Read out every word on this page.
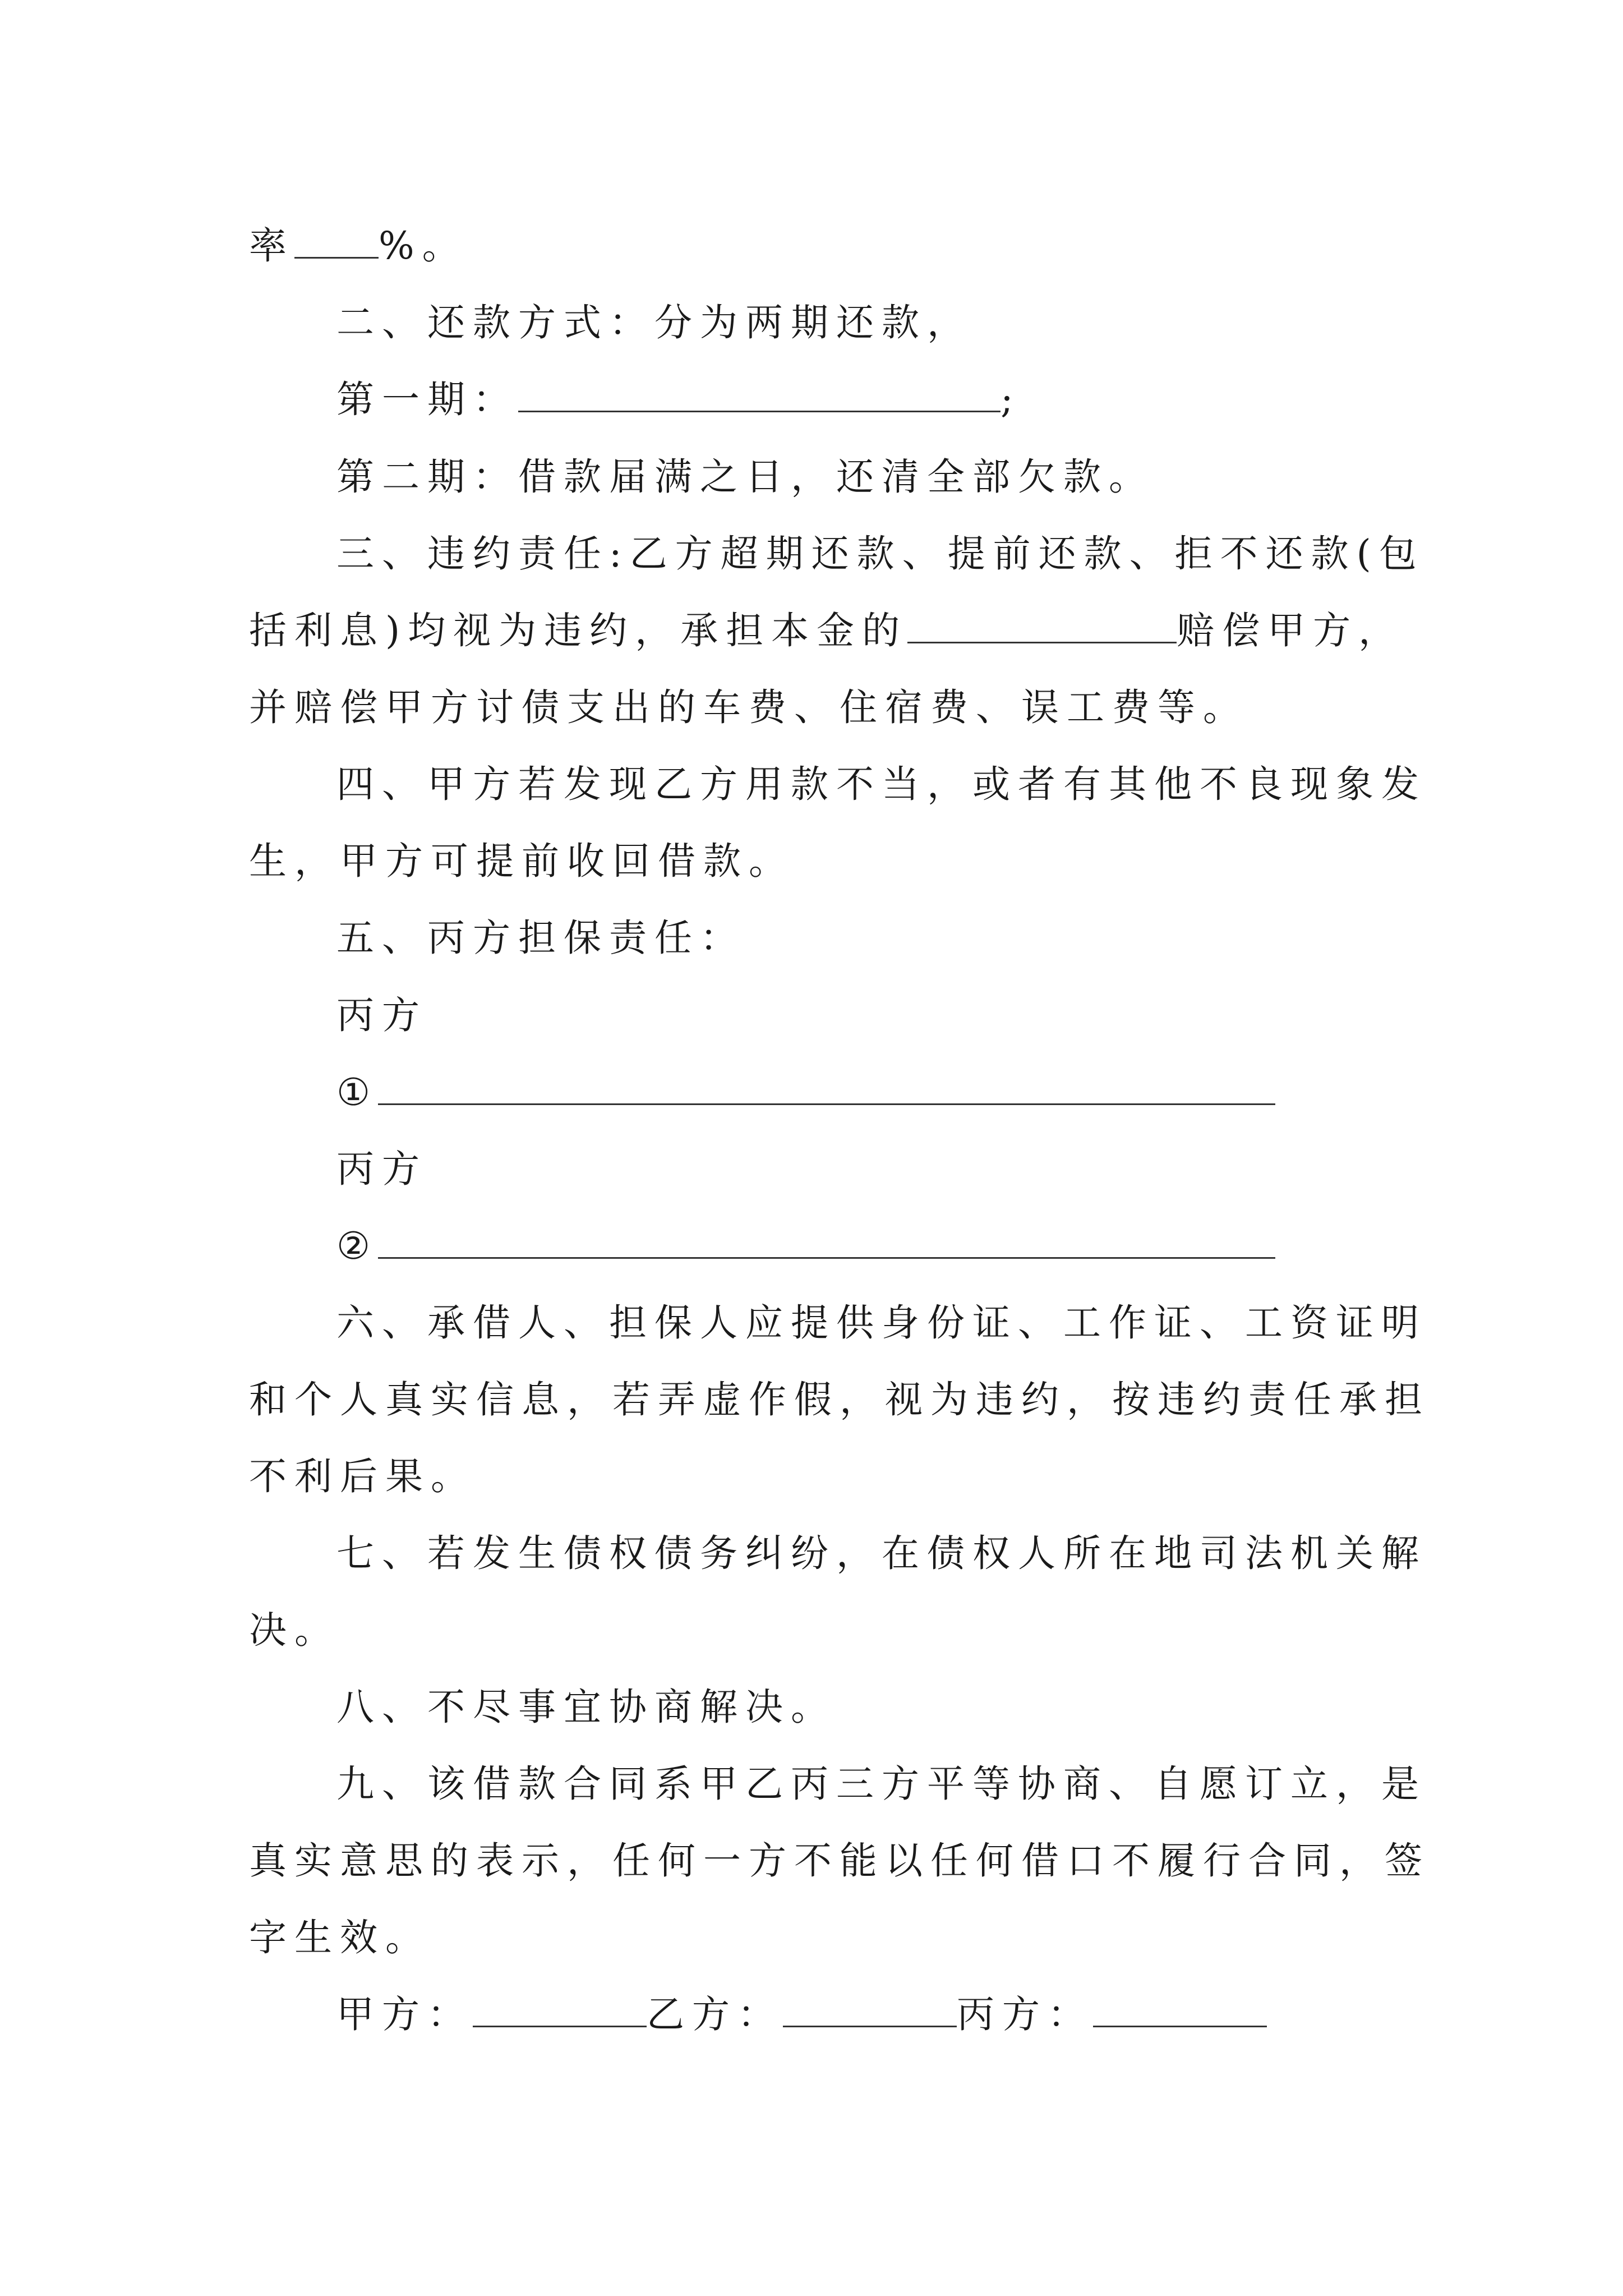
率 %。
二、还款方式：分为两期还款，
第一期：	;
第二期：借款届满之日，还清全部欠款。
三、违约责任:乙方超期还款、提前还款、拒不还款(包
括利息)均视为违约，承担本金的	赔偿甲方，
并赔偿甲方讨债支出的车费、住宿费、误工费等。
四、甲方若发现乙方用款不当，或者有其他不良现象发
生，甲方可提前收回借款。
五、丙方担保责任：
丙方
①
丙方
②
六、承借人、担保人应提供身份证、工作证、工资证明
和个人真实信息，若弄虚作假，视为违约，按违约责任承担
不利后果。
七、若发生债权债务纠纷，在债权人所在地司法机关解
决。
八、不尽事宜协商解决。
九、该借款合同系甲乙丙三方平等协商、自愿订立，是
真实意思的表示，任何一方不能以任何借口不履行合同，签
字生效。
甲方：	乙方：	丙方：
